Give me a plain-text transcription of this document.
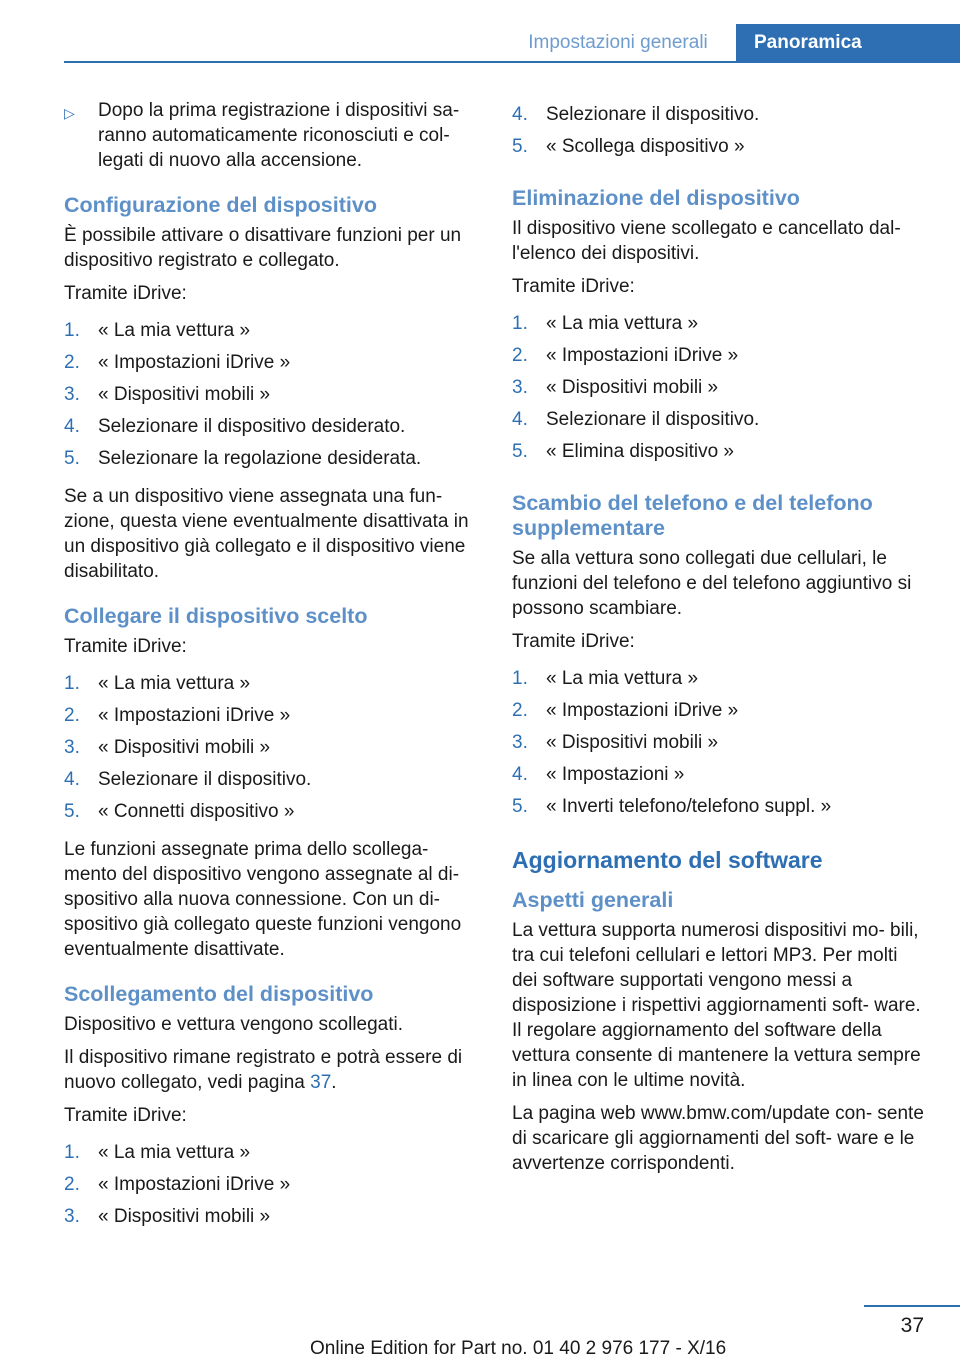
Impostazioni generali	Panoramica
▷	Dopo la prima registrazione i dispositivi sa‐ ranno automaticamente riconosciuti e col‐ legati di nuovo alla accensione.
Configurazione del dispositivo

È possibile attivare o disattivare funzioni per un dispositivo registrato e collegato.

Tramite iDrive:

1. « La mia vettura »
2. « Impostazioni iDrive »
3. « Dispositivi mobili »
4. Selezionare il dispositivo desiderato.
5. Selezionare la regolazione desiderata.

Se a un dispositivo viene assegnata una fun‐ zione, questa viene eventualmente disattivata in un dispositivo già collegato e il dispositivo viene disabilitato.

Collegare il dispositivo scelto

Tramite iDrive:

1. « La mia vettura »
2. « Impostazioni iDrive »
3. « Dispositivi mobili »
4. Selezionare il dispositivo.
5. « Connetti dispositivo »

Le funzioni assegnate prima dello scollega‐ mento del dispositivo vengono assegnate al di‐ spositivo alla nuova connessione. Con un di‐ spositivo già collegato queste funzioni vengono eventualmente disattivate.

Scollegamento del dispositivo

Dispositivo e vettura vengono scollegati.

Il dispositivo rimane registrato e potrà essere di nuovo collegato, vedi pagina 37.

Tramite iDrive:

1. « La mia vettura »
2. « Impostazioni iDrive »
3. « Dispositivi mobili »
4. Selezionare il dispositivo.
5. « Scollega dispositivo »
Eliminazione del dispositivo

Il dispositivo viene scollegato e cancellato dal‐ l'elenco dei dispositivi.

Tramite iDrive:

1. « La mia vettura »
2. « Impostazioni iDrive »
3. « Dispositivi mobili »
4. Selezionare il dispositivo.
5. « Elimina dispositivo »
Scambio del telefono e del telefono supplementare

Se alla vettura sono collegati due cellulari, le funzioni del telefono e del telefono aggiuntivo si possono scambiare.

Tramite iDrive:

1. « La mia vettura »
2. « Impostazioni iDrive »
3. « Dispositivi mobili »
4. « Impostazioni »
5. « Inverti telefono/telefono suppl. »
Aggiornamento del software
Aspetti generali

La vettura supporta numerosi dispositivi mo‐ bili, tra cui telefoni cellulari e lettori MP3. Per molti dei software supportati vengono messi a disposizione i rispettivi aggiornamenti soft‐ ware. Il regolare aggiornamento del software della vettura consente di mantenere la vettura sempre in linea con le ultime novità.

La pagina web www.bmw.com/update con‐ sente di scaricare gli aggiornamenti del soft‐ ware e le avvertenze corrispondenti.

37
Online Edition for Part no. 01 40 2 976 177 - X/16
